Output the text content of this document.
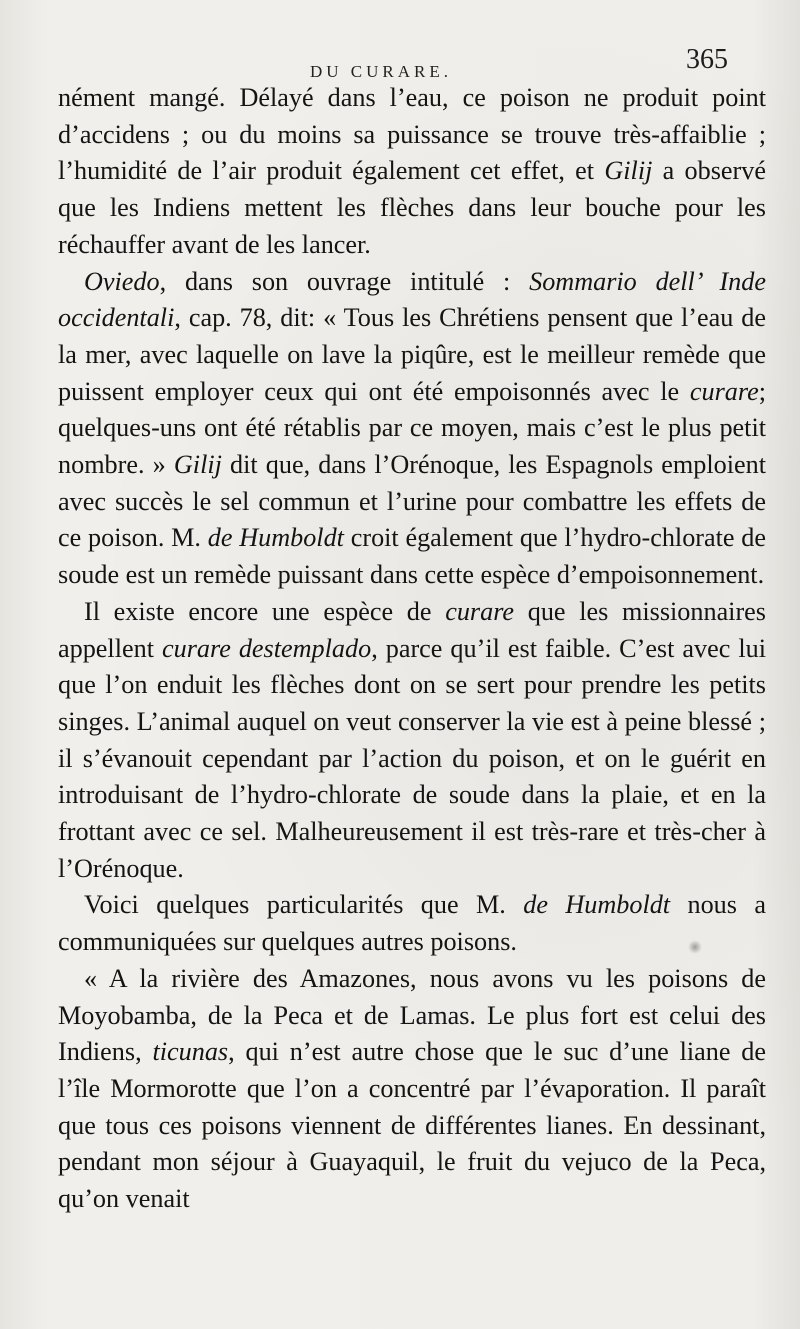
DU CURARE.	365

nément mangé. Délayé dans l’eau, ce poison ne produit point d’accidens ; ou du moins sa puissance se trouve très-affaiblie ; l’humidité de l’air produit également cet effet, et Gilij a observé que les Indiens mettent les flèches dans leur bouche pour les réchauffer avant de les lancer.

Oviedo, dans son ouvrage intitulé : Sommario dell’ Inde occidentali, cap. 78, dit: « Tous les Chrétiens pensent que l’eau de la mer, avec laquelle on lave la piqûre, est le meilleur remède que puissent employer ceux qui ont été empoisonnés avec le curare; quelques-uns ont été rétablis par ce moyen, mais c’est le plus petit nombre. » Gilij dit que, dans l’Orénoque, les Espagnols emploient avec succès le sel commun et l’urine pour combattre les effets de ce poison. M. de Humboldt croit également que l’hydro-chlorate de soude est un remède puissant dans cette espèce d’empoisonnement.

Il existe encore une espèce de curare que les missionnaires appellent curare destemplado, parce qu’il est faible. C’est avec lui que l’on enduit les flèches dont on se sert pour prendre les petits singes. L’animal auquel on veut conserver la vie est à peine blessé ; il s’évanouit cependant par l’action du poison, et on le guérit en introduisant de l’hydro-chlorate de soude dans la plaie, et en la frottant avec ce sel. Malheureusement il est très-rare et très-cher à l’Orénoque.

Voici quelques particularités que M. de Humboldt nous a communiquées sur quelques autres poisons.

« A la rivière des Amazones, nous avons vu les poisons de Moyobamba, de la Peca et de Lamas. Le plus fort est celui des Indiens, ticunas, qui n’est autre chose que le suc d’une liane de l’île Mormorotte que l’on a concentré par l’évaporation. Il paraît que tous ces poisons viennent de différentes lianes. En dessinant, pendant mon séjour à Guayaquil, le fruit du vejuco de la Peca, qu’on venait
